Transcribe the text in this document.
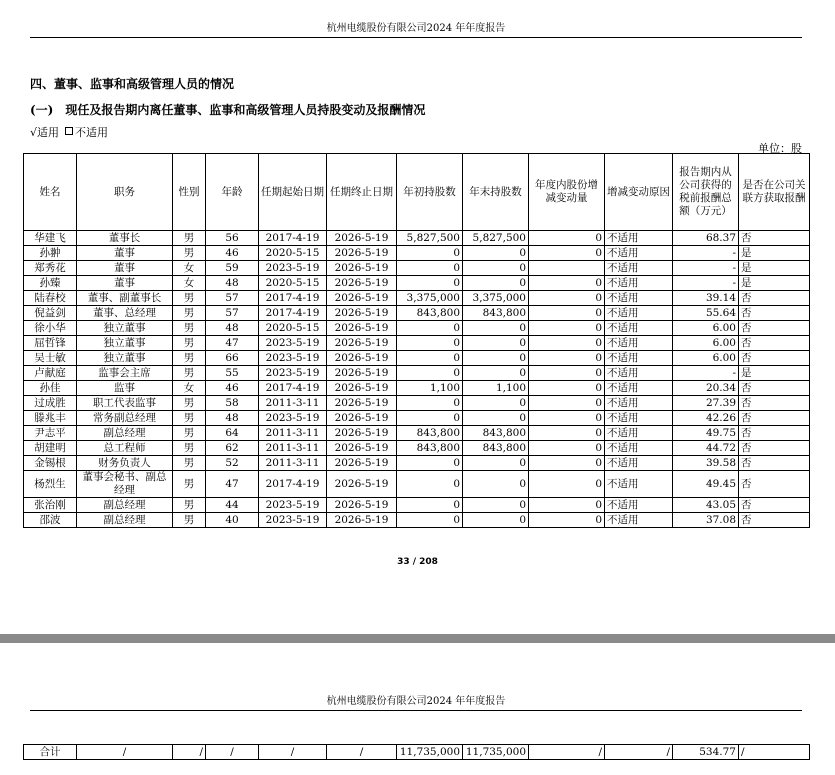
杭州电缆股份有限公司2024 年年度报告
四、董事、监事和高级管理人员的情况
(一)　现任及报告期内离任董事、监事和高级管理人员持股变动及报酬情况
√适用 不适用
单位：股
姓名	职务	性别	年龄	任期起始日期	任期终止日期	年初持股数	年末持股数	年度内股份增减变动量	增减变动原因	报告期内从公司获得的税前报酬总额（万元）	是否在公司关联方获取报酬
华建飞	董事长	男	56	2017-4-19	2026-5-19	5,827,500	5,827,500	0	不适用	68.37	否
孙翀	董事	男	46	2020-5-15	2026-5-19	0	0	0	不适用	-	是
郑秀花	董事	女	59	2023-5-19	2026-5-19	0	0		不适用	-	是
孙臻	董事	女	48	2020-5-15	2026-5-19	0	0	0	不适用	-	是
陆春校	董事、副董事长	男	57	2017-4-19	2026-5-19	3,375,000	3,375,000	0	不适用	39.14	否
倪益剑	董事、总经理	男	57	2017-4-19	2026-5-19	843,800	843,800	0	不适用	55.64	否
徐小华	独立董事	男	48	2020-5-15	2026-5-19	0	0	0	不适用	6.00	否
屈哲锋	独立董事	男	47	2023-5-19	2026-5-19	0	0	0	不适用	6.00	否
吴士敏	独立董事	男	66	2023-5-19	2026-5-19	0	0	0	不适用	6.00	否
卢献庭	监事会主席	男	55	2023-5-19	2026-5-19	0	0	0	不适用	-	是
孙佳	监事	女	46	2017-4-19	2026-5-19	1,100	1,100	0	不适用	20.34	否
过成胜	职工代表监事	男	58	2011-3-11	2026-5-19	0	0	0	不适用	27.39	否
滕兆丰	常务副总经理	男	48	2023-5-19	2026-5-19	0	0	0	不适用	42.26	否
尹志平	副总经理	男	64	2011-3-11	2026-5-19	843,800	843,800	0	不适用	49.75	否
胡建明	总工程师	男	62	2011-3-11	2026-5-19	843,800	843,800	0	不适用	44.72	否
金锡根	财务负责人	男	52	2011-3-11	2026-5-19	0	0	0	不适用	39.58	否
杨烈生	董事会秘书、副总经理	男	47	2017-4-19	2026-5-19	0	0	0	不适用	49.45	否
张治刚	副总经理	男	44	2023-5-19	2026-5-19	0	0	0	不适用	43.05	否
邵波	副总经理	男	40	2023-5-19	2026-5-19	0	0	0	不适用	37.08	否
33 / 208
杭州电缆股份有限公司2024 年年度报告
合计	/	/	/	/	/	11,735,000	11,735,000	/	/	534.77	/
